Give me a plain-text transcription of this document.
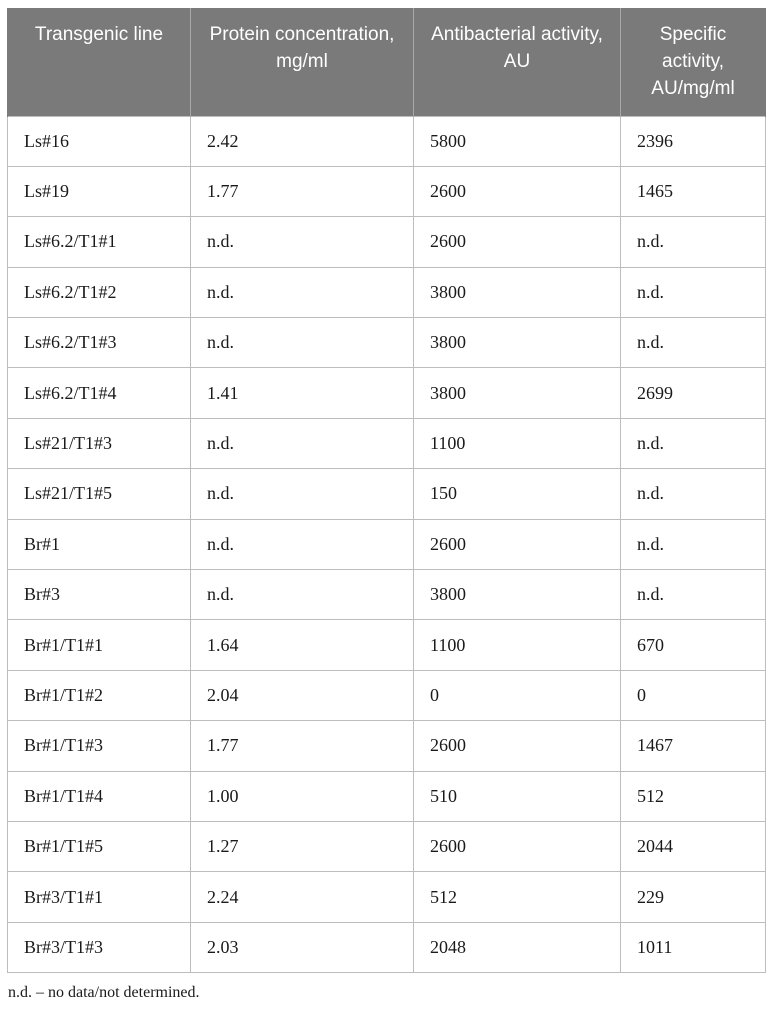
Transgenic line	Protein concentration, mg/ml	Antibacterial activity, AU	Specific activity, AU/mg/ml
Ls#16	2.42	5800	2396
Ls#19	1.77	2600	1465
Ls#6.2/T1#1	n.d.	2600	n.d.
Ls#6.2/T1#2	n.d.	3800	n.d.
Ls#6.2/T1#3	n.d.	3800	n.d.
Ls#6.2/T1#4	1.41	3800	2699
Ls#21/T1#3	n.d.	1100	n.d.
Ls#21/T1#5	n.d.	150	n.d.
Br#1	n.d.	2600	n.d.
Br#3	n.d.	3800	n.d.
Br#1/T1#1	1.64	1100	670
Br#1/T1#2	2.04	0	0
Br#1/T1#3	1.77	2600	1467
Br#1/T1#4	1.00	510	512
Br#1/T1#5	1.27	2600	2044
Br#3/T1#1	2.24	512	229
Br#3/T1#3	2.03	2048	1011
n.d. – no data/not determined.
